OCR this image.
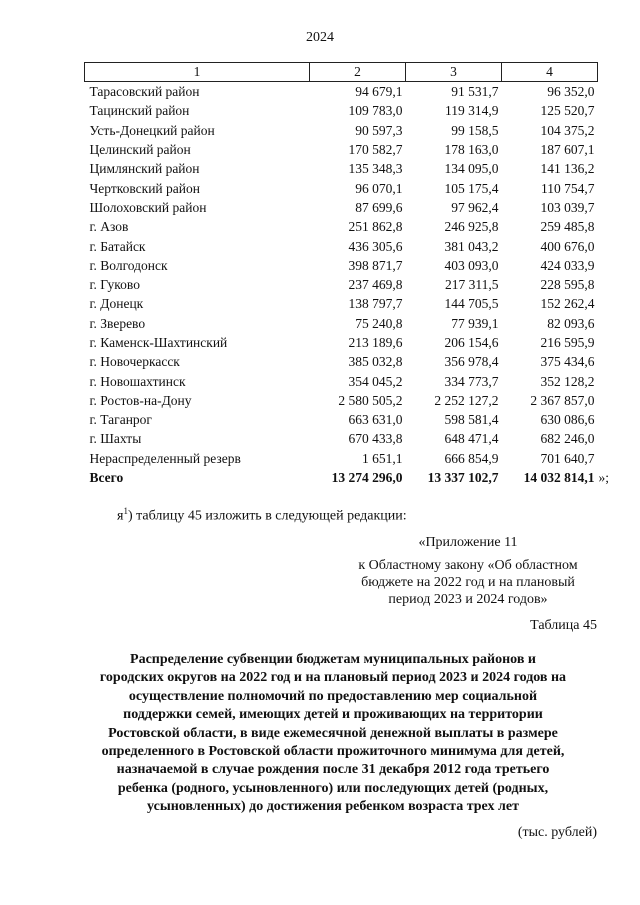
2024
1	2	3	4
Тарасовский район	94 679,1	91 531,7	96 352,0
Тацинский район	109 783,0	119 314,9	125 520,7
Усть-Донецкий район	90 597,3	99 158,5	104 375,2
Целинский район	170 582,7	178 163,0	187 607,1
Цимлянский район	135 348,3	134 095,0	141 136,2
Чертковский район	96 070,1	105 175,4	110 754,7
Шолоховский район	87 699,6	97 962,4	103 039,7
г. Азов	251 862,8	246 925,8	259 485,8
г. Батайск	436 305,6	381 043,2	400 676,0
г. Волгодонск	398 871,7	403 093,0	424 033,9
г. Гуково	237 469,8	217 311,5	228 595,8
г. Донецк	138 797,7	144 705,5	152 262,4
г. Зверево	75 240,8	77 939,1	82 093,6
г. Каменск-Шахтинский	213 189,6	206 154,6	216 595,9
г. Новочеркасск	385 032,8	356 978,4	375 434,6
г. Новошахтинск	354 045,2	334 773,7	352 128,2
г. Ростов-на-Дону	2 580 505,2	2 252 127,2	2 367 857,0
г. Таганрог	663 631,0	598 581,4	630 086,6
г. Шахты	670 433,8	648 471,4	682 246,0
Нераспределенный резерв	1 651,1	666 854,9	701 640,7
Всего	13 274 296,0	13 337 102,7	14 032 814,1 »;
$я^1$) таблицу 45 изложить в следующей редакции:
«Приложение 11
к Областному закону «Об областном бюджете на 2022 год и на плановый период 2023 и 2024 годов»
Таблица 45
Распределение субвенции бюджетам муниципальных районов и городских округов на 2022 год и на плановый период 2023 и 2024 годов на осуществление полномочий по предоставлению мер социальной поддержки семей, имеющих детей и проживающих на территории Ростовской области, в виде ежемесячной денежной выплаты в размере определенного в Ростовской области прожиточного минимума для детей, назначаемой в случае рождения после 31 декабря 2012 года третьего ребенка (родного, усыновленного) или последующих детей (родных, усыновленных) до достижения ребенком возраста трех лет
(тыс. рублей)
